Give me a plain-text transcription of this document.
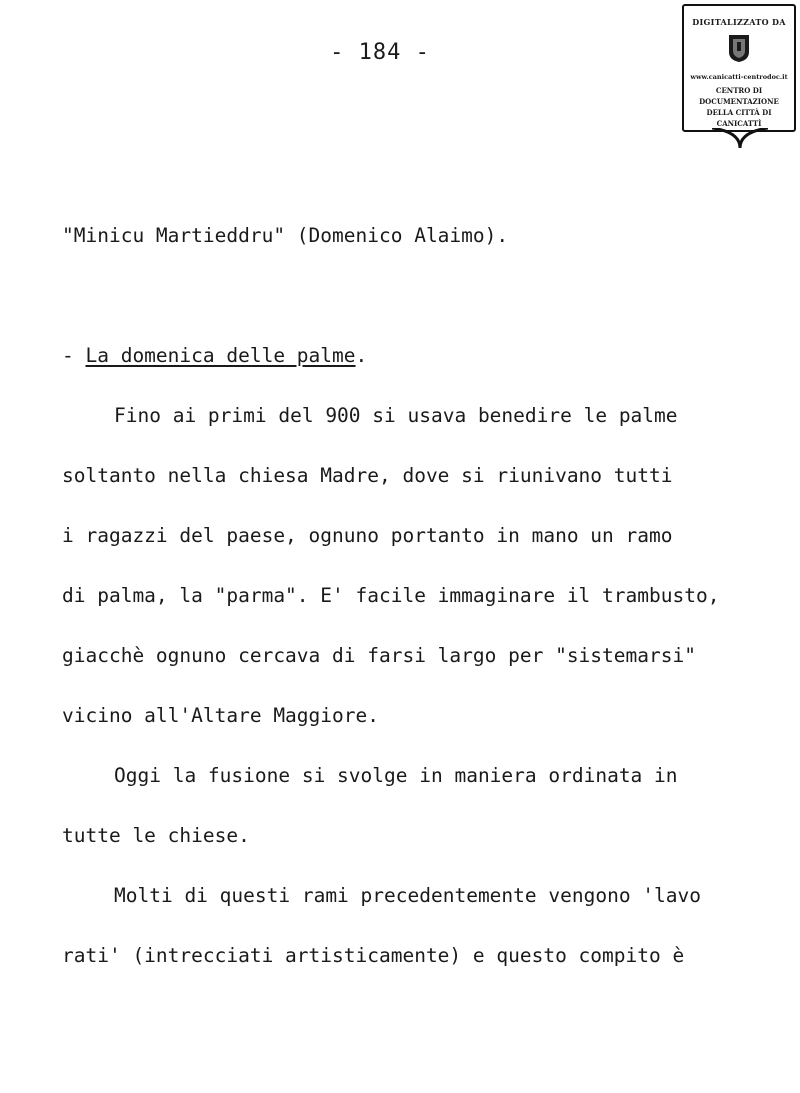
- 184 -
DIGITALIZZATO DA
www.canicatti-centrodoc.it
CENTRO DI DOCUMENTAZIONE
DELLA CITTÀ DI CANICATTÌ
"Minicu Martieddru" (Domenico Alaimo).
- La domenica delle palme.
Fino ai primi del 900 si usava benedire le palme
soltanto nella chiesa Madre, dove si riunivano tutti
i ragazzi del paese, ognuno portanto in mano un ramo
di palma, la "parma". E' facile immaginare il trambusto,
giacchè ognuno cercava di farsi largo per "sistemarsi"
vicino all'Altare Maggiore.
Oggi la fusione si svolge in maniera ordinata in
tutte le chiese.
Molti di questi rami precedentemente vengono 'lavo
rati' (intrecciati artisticamente) e questo compito è
